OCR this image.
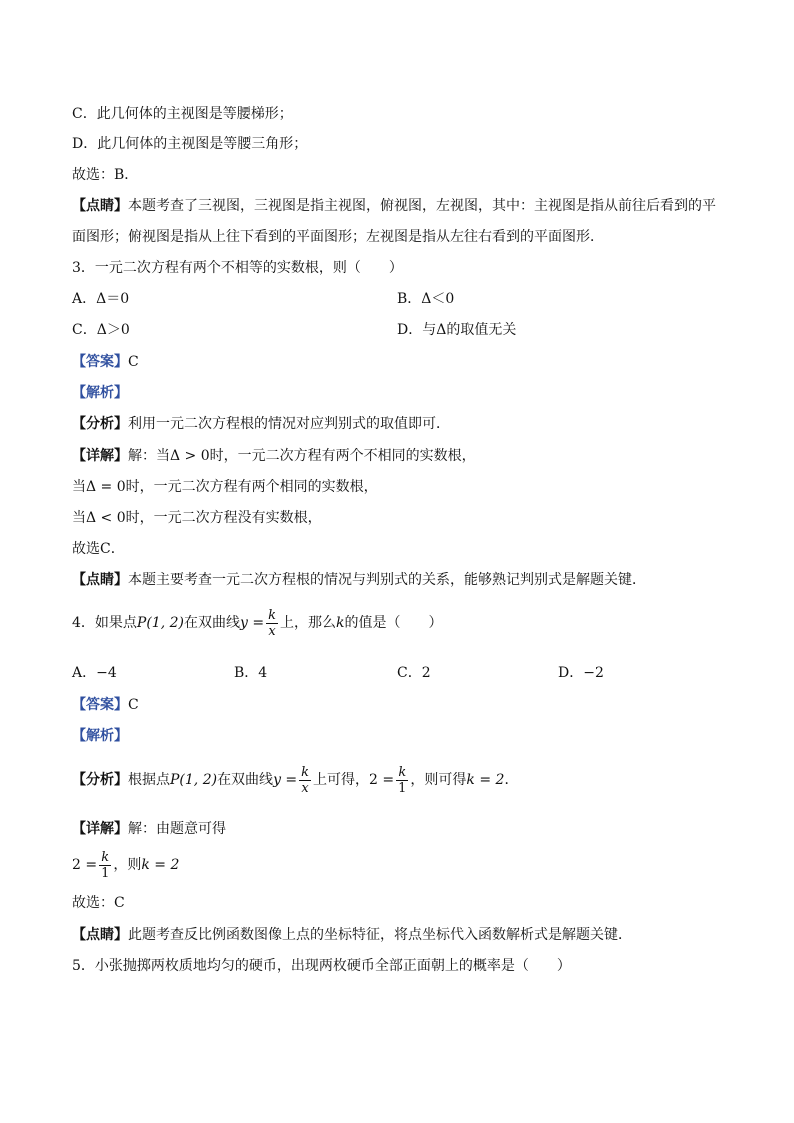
C．此几何体的主视图是等腰梯形；
D．此几何体的主视图是等腰三角形；
故选：B．
【点睛】本题考查了三视图，三视图是指主视图，俯视图，左视图，其中：主视图是指从前往后看到的平
面图形；俯视图是指从上往下看到的平面图形；左视图是指从左往右看到的平面图形．
3．一元二次方程有两个不相等的实数根，则（　　）
A．Δ＝0	B．Δ＜0
C．Δ＞0	D．与Δ的取值无关
【答案】C
【解析】
【分析】利用一元二次方程根的情况对应判别式的取值即可．
【详解】解：当Δ > 0时，一元二次方程有两个不相同的实数根，
当Δ = 0时，一元二次方程有两个相同的实数根，
当Δ < 0时，一元二次方程没有实数根，
故选C．
【点睛】本题主要考查一元二次方程根的情况与判别式的关系，能够熟记判别式是解题关键．
4．如果点P(1, 2)在双曲线$y = \frac{k}{x}$ 上，那么k的值是（　　）
A．−4	B．4	C．2	D．−2
【答案】C
【解析】
【分析】根据点P(1, 2)在双曲线$y = \frac{k}{x}$ 上可得，$2 = \frac{k}{1}$ ，则可得k = 2．
【详解】解：由题意可得
$2 = \frac{k}{1}$ ，则k = 2
故选：C
【点睛】此题考查反比例函数图像上点的坐标特征，将点坐标代入函数解析式是解题关键．
5．小张抛掷两枚质地均匀的硬币，出现两枚硬币全部正面朝上的概率是（　　）
